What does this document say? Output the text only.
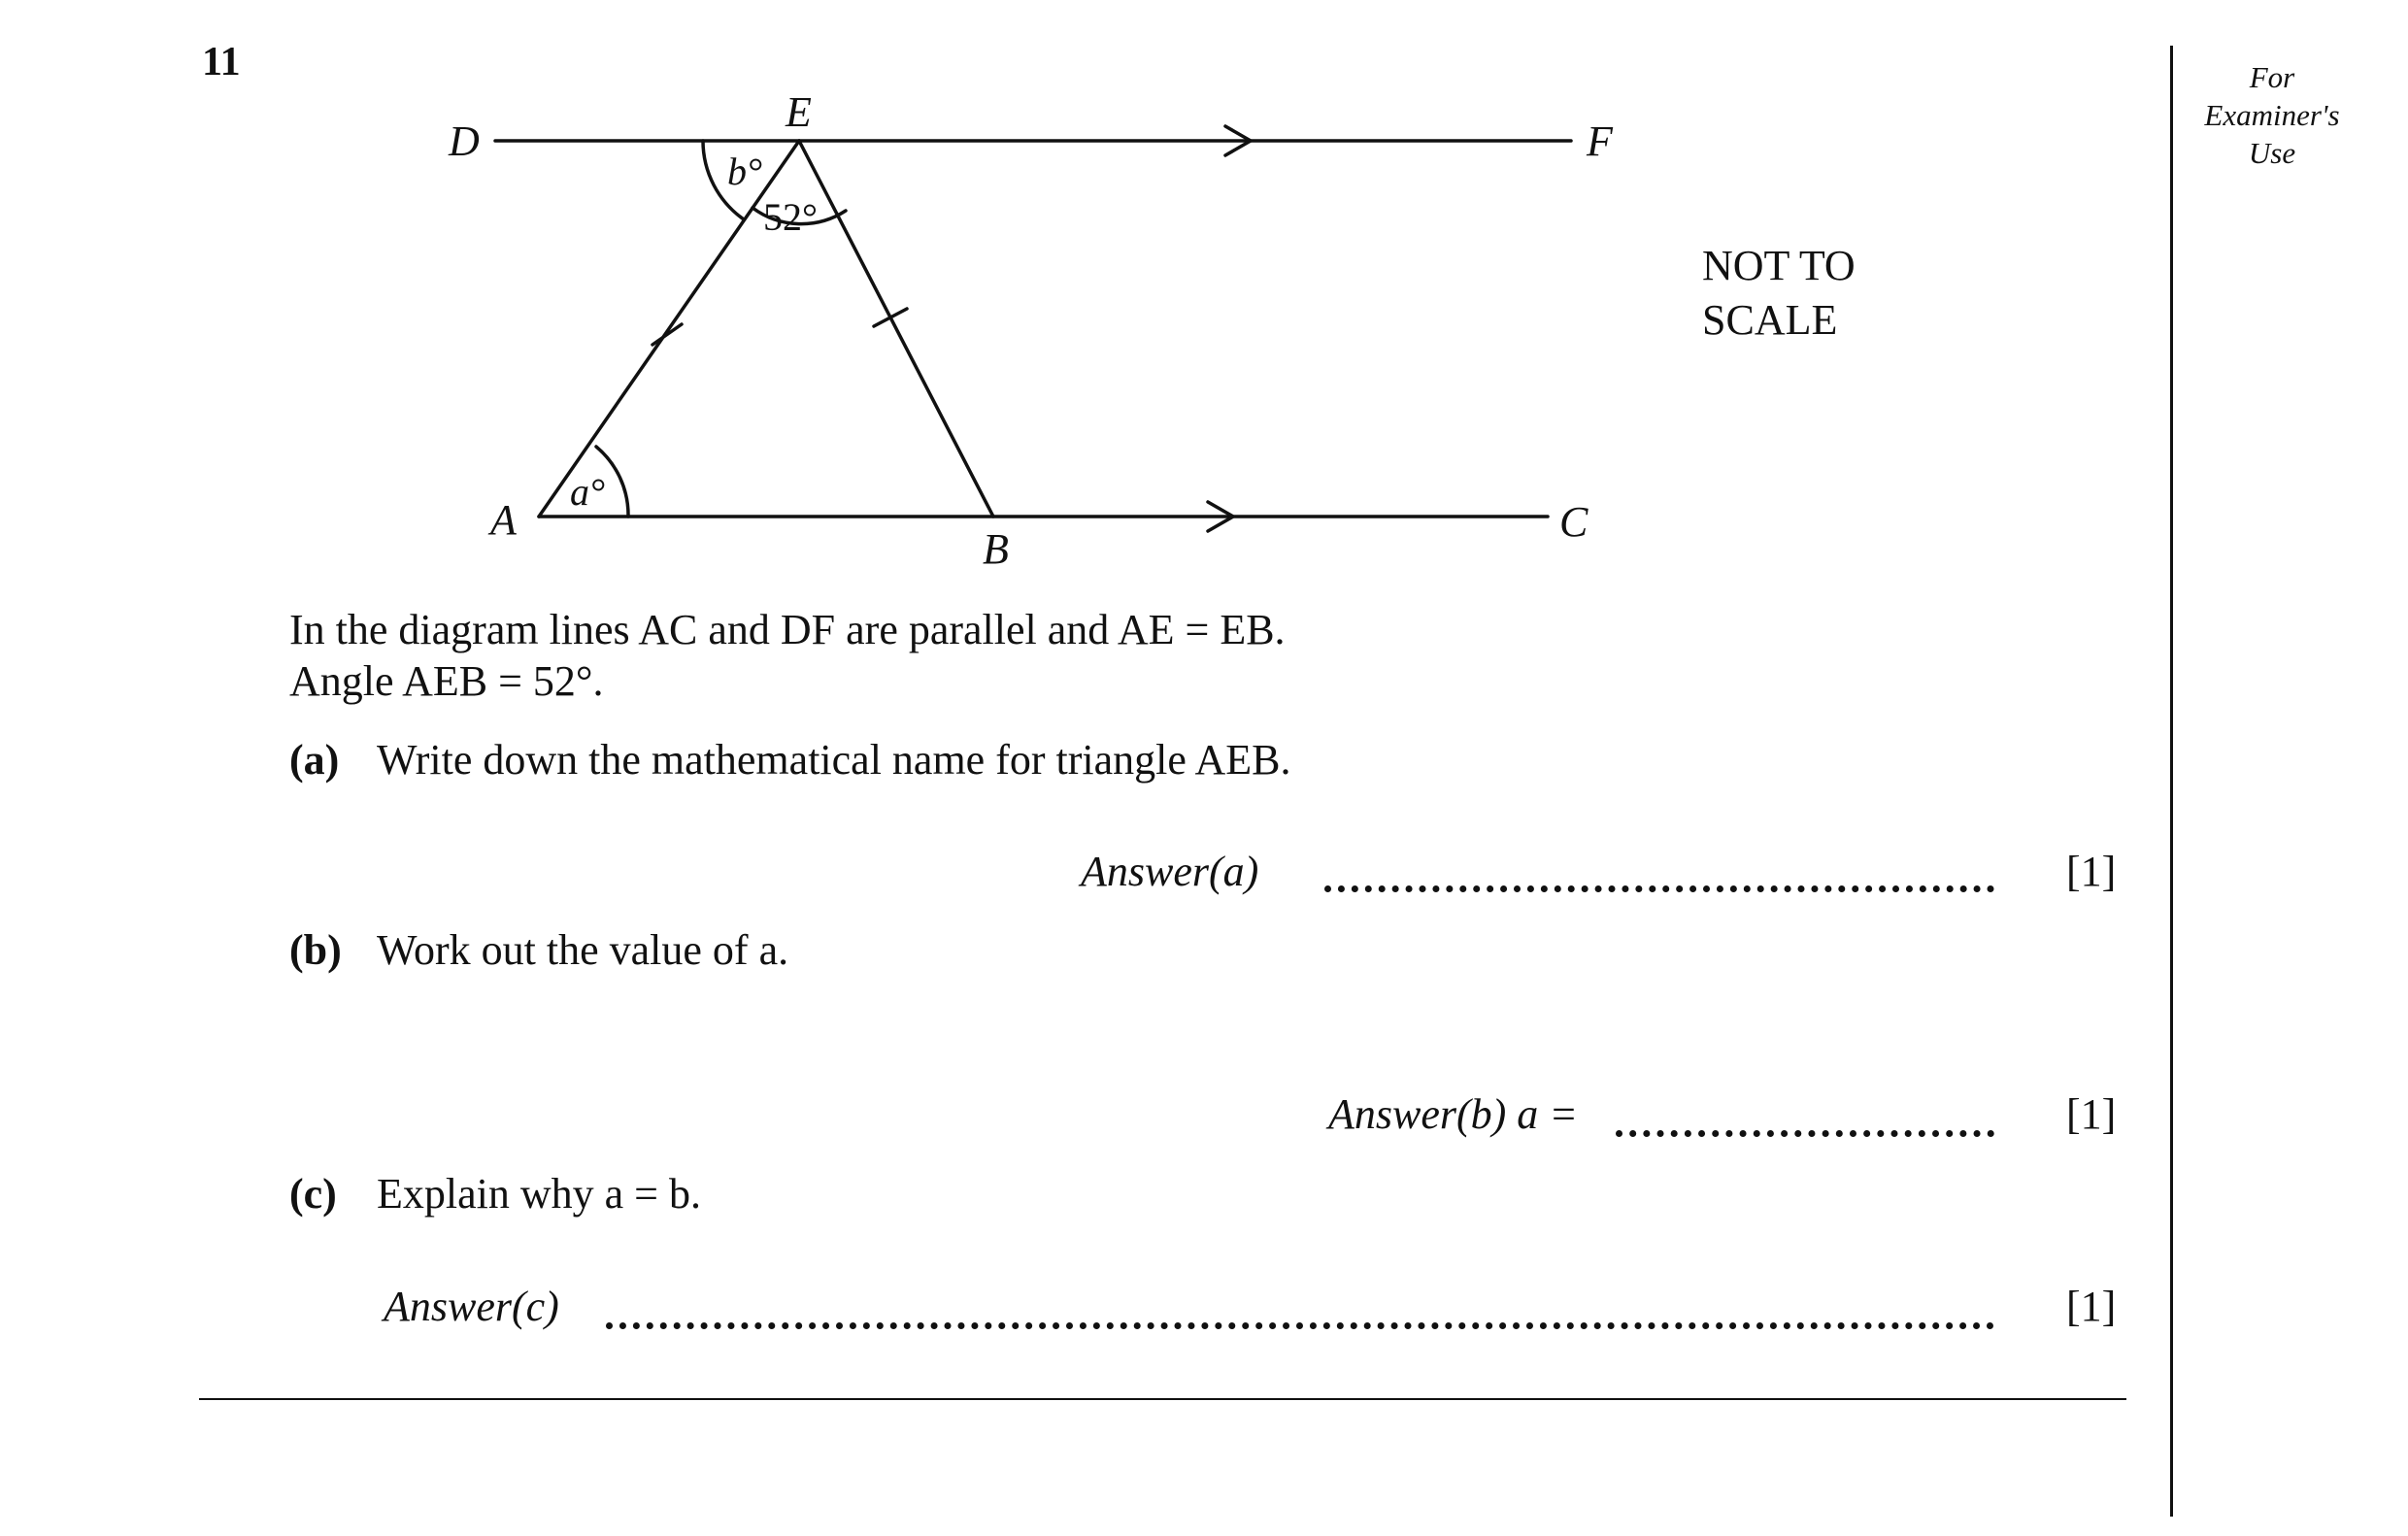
11	For
Examiner's
Use
D
E
F
A
B
C
b°
52°
a°
NOT TO
SCALE
In the diagram lines AC and DF are parallel and AE = EB.
Angle AEB = 52°.
(a) Write down the mathematical name for triangle AEB.
Answer(a)	[1]
(b) Work out the value of a.
Answer(b) a =	[1]
(c) Explain why a = b.
Answer(c)	[1]
